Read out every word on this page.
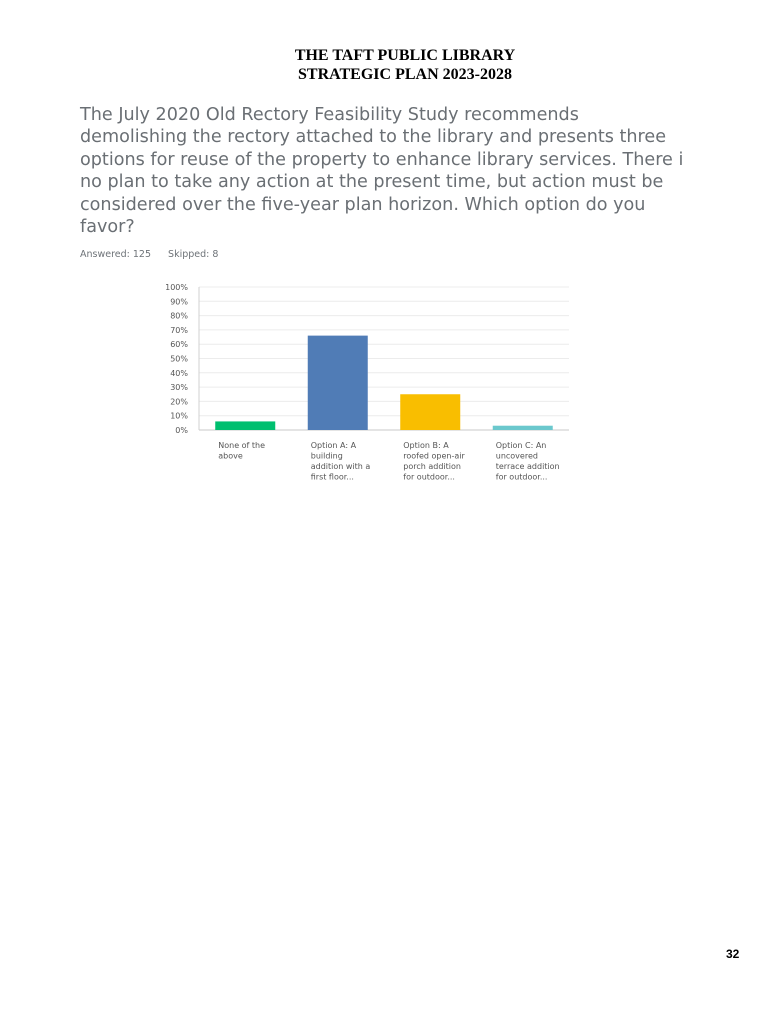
THE TAFT PUBLIC LIBRARY
STRATEGIC PLAN 2023-2028
The July 2020 Old Rectory Feasibility Study recommends
demolishing the rectory attached to the library and presents three
options for reuse of the property to enhance library services. There i
no plan to take any action at the present time, but action must be
considered over the five-year plan horizon. Which option do you
favor?
Answered: 125 Skipped: 8
0%
10%
20%
30%
40%
50%
60%
70%
80%
90%
100%
None of the above
Option A: A building addition with a first floor...
Option B: A roofed open-air porch addition for outdoor...
Option C: An uncovered terrace addition for outdoor...
32
